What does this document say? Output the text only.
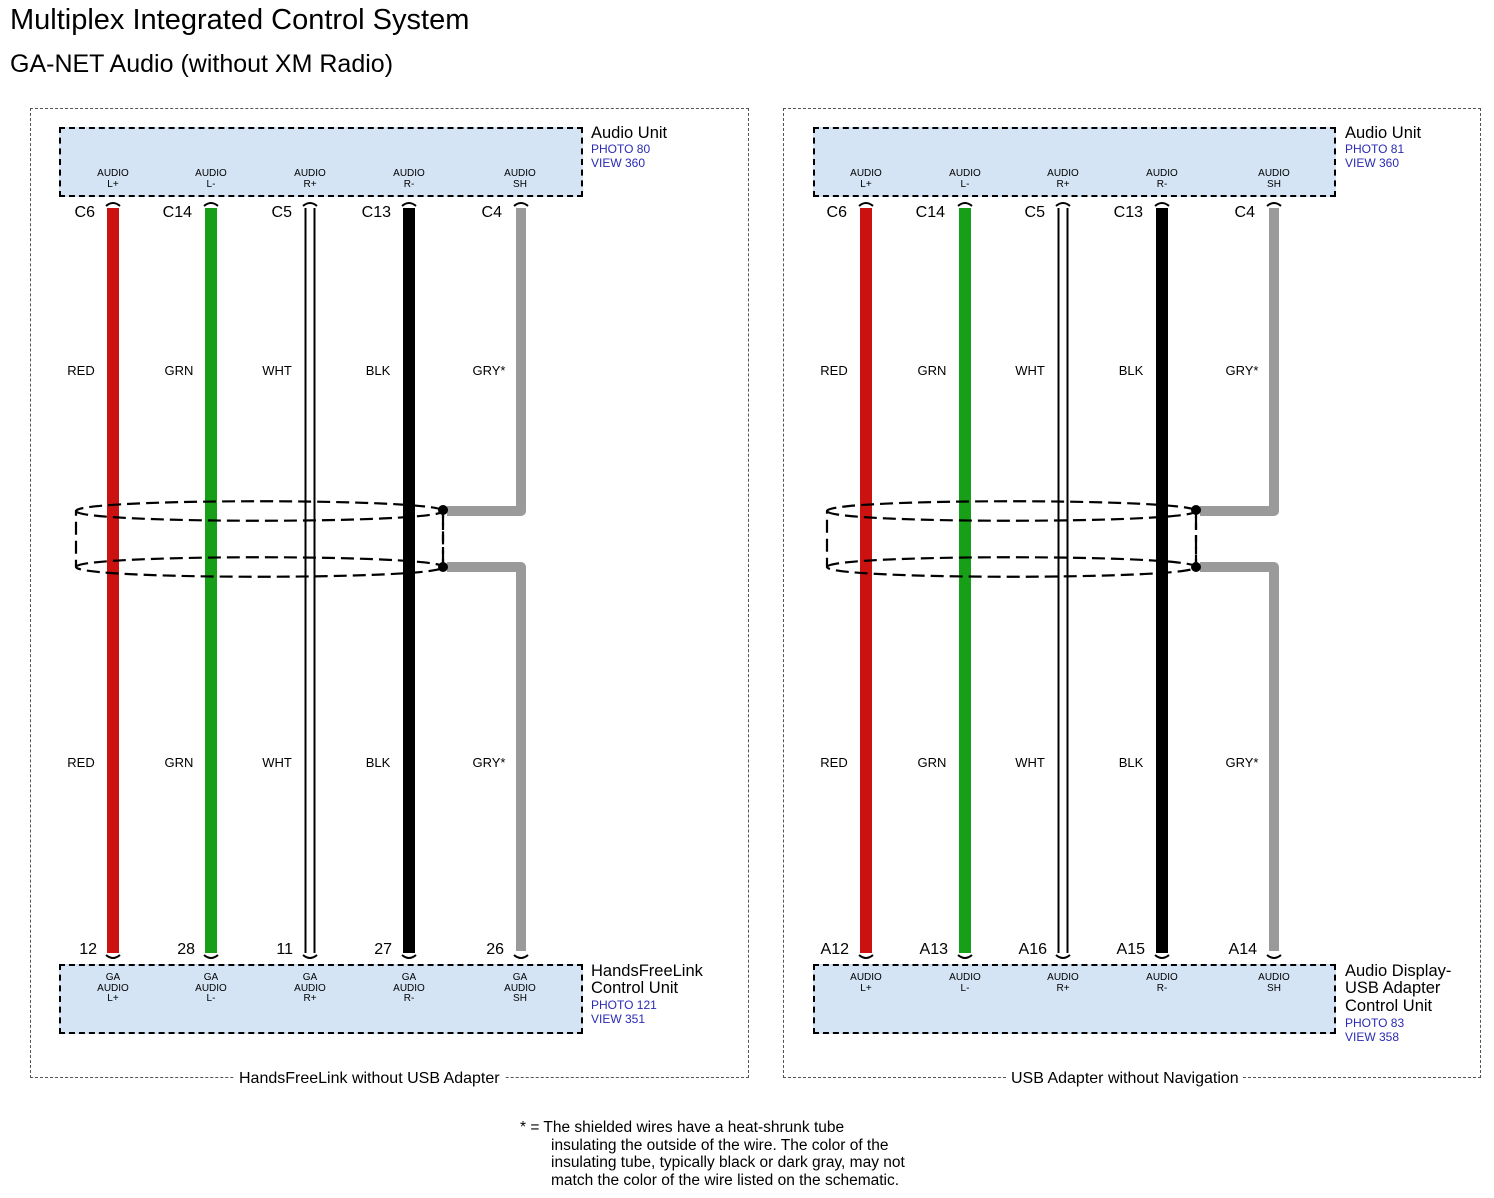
Multiplex Integrated Control System
GA-NET Audio (without XM Radio)
HandsFreeLink without USB Adapter	USB Adapter without Navigation
Audio Unit
PHOTO 80
VIEW 360
HandsFreeLink
Control Unit
PHOTO 121
VIEW 351
Audio Unit
PHOTO 81
VIEW 360
Audio Display-
USB Adapter
Control Unit
PHOTO 83
VIEW 358
AUDIO
L+
AUDIO
L-
AUDIO
R+
AUDIO
R-
AUDIO
SH
GA
AUDIO
L+
GA
AUDIO
L-
GA
AUDIO
R+
GA
AUDIO
R-
GA
AUDIO
SH
C6	C14	C5	C13	C4
12	28	11	27	26
RED	GRN	WHT	BLK	GRY*
RED	GRN	WHT	BLK	GRY*
AUDIO
L+
AUDIO
L-
AUDIO
R+
AUDIO
R-
AUDIO
SH
AUDIO
L+
AUDIO
L-
AUDIO
R+
AUDIO
R-
AUDIO
SH
C6	C14	C5	C13	C4
A12	A13	A16	A15	A14
RED	GRN	WHT	BLK	GRY*
RED	GRN	WHT	BLK	GRY*
* = The shielded wires have a heat-shrunk tube
insulating the outside of the wire. The color of the
insulating tube, typically black or dark gray, may not
match the color of the wire listed on the schematic.
